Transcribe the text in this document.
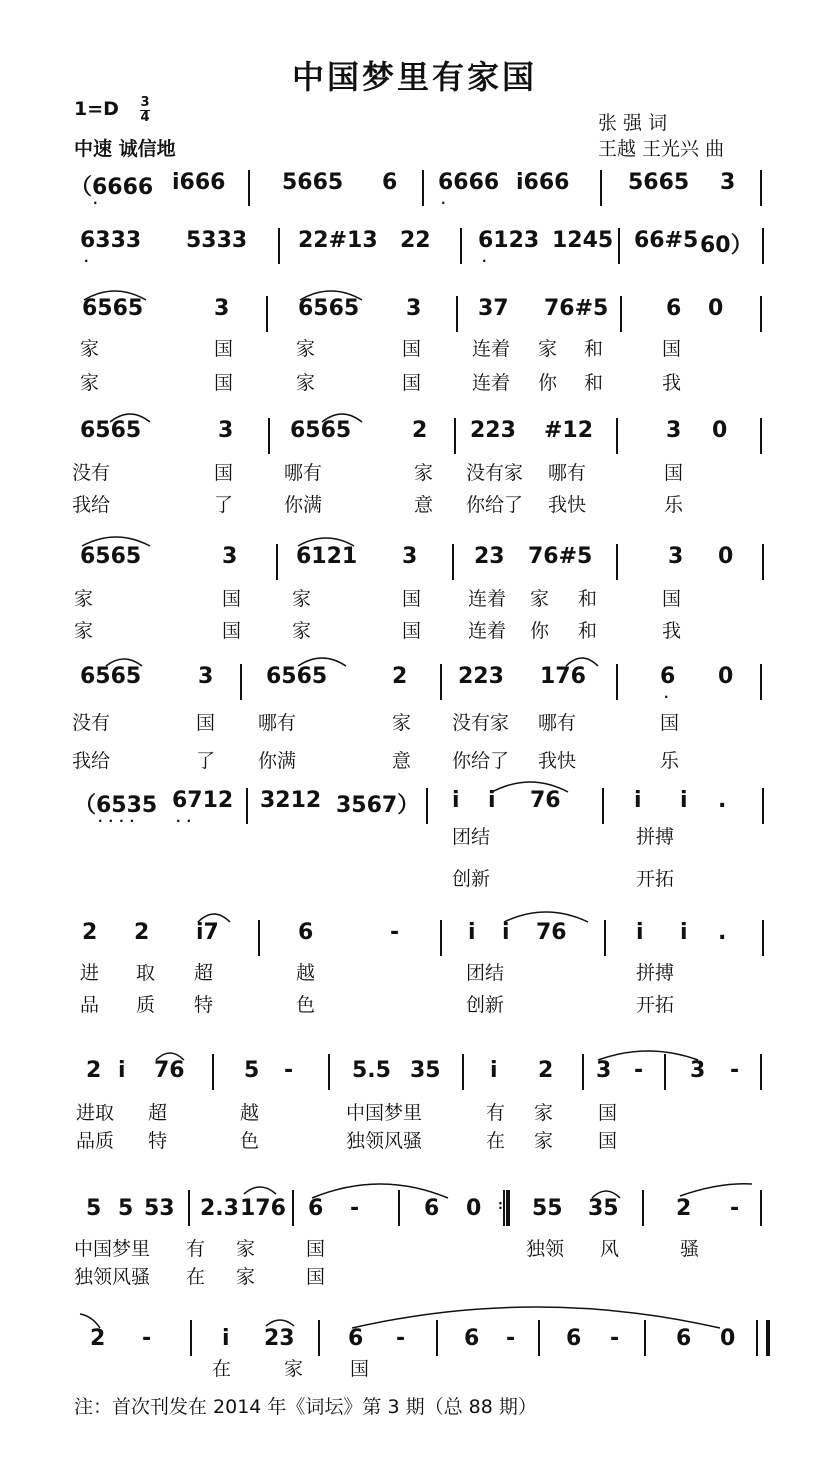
中国梦里有家国
1=D 3
4
中速 诚信地
张 强 词
王越 王光兴 曲
（6666 i666	5665 6 6666 i666	5665 3
·	·
6333 5333 22#13 22 6123 1245 66#5 60）
·	·
6565	3	6565 3	37 76#5	6 0
家	国	家	国	连着 家 和	国
家	国	家	国	连着 你 和	我
6565	3	6565	2 223 #12	3 0
没有	国	哪有	家 没有家 哪有	国
我给	了	你满	意 你给了 我快	乐
6565	3	6121 3	23 76#5	3 0
家	国	家	国 连着 家 和	国
家	国	家	国 连着 你 和	我
6565	3 6565	2 223 176	6 0
·
没有	国 哪有	家 没有家 哪有	国
我给	了 你满	意 你给了 我快	乐
（6535 6712 3212 3567） i i 76	i i .
····	··
团结	拼搏
创新	开拓
2 2 i7	6	-	i i 76	i i .
进 取 超	越	团结	拼搏
品 质 特	色	创新	开拓
2 i 76	5 -	5.5 35 i 2 3 - 3 -
进取 超	越	中国梦里	有 家 国
品质 特	色	独领风骚	在 家 国
5 5 53 2.3 176 6 -	6 0 : 55 35	2 -
中国梦里 有 家	国	独领 风	骚
独领风骚 在 家	国
2 -	i 23 6 -	6 - 6 -	6 0
在	家 国
注：首次刊发在 2014 年《词坛》第 3 期（总 88 期）
